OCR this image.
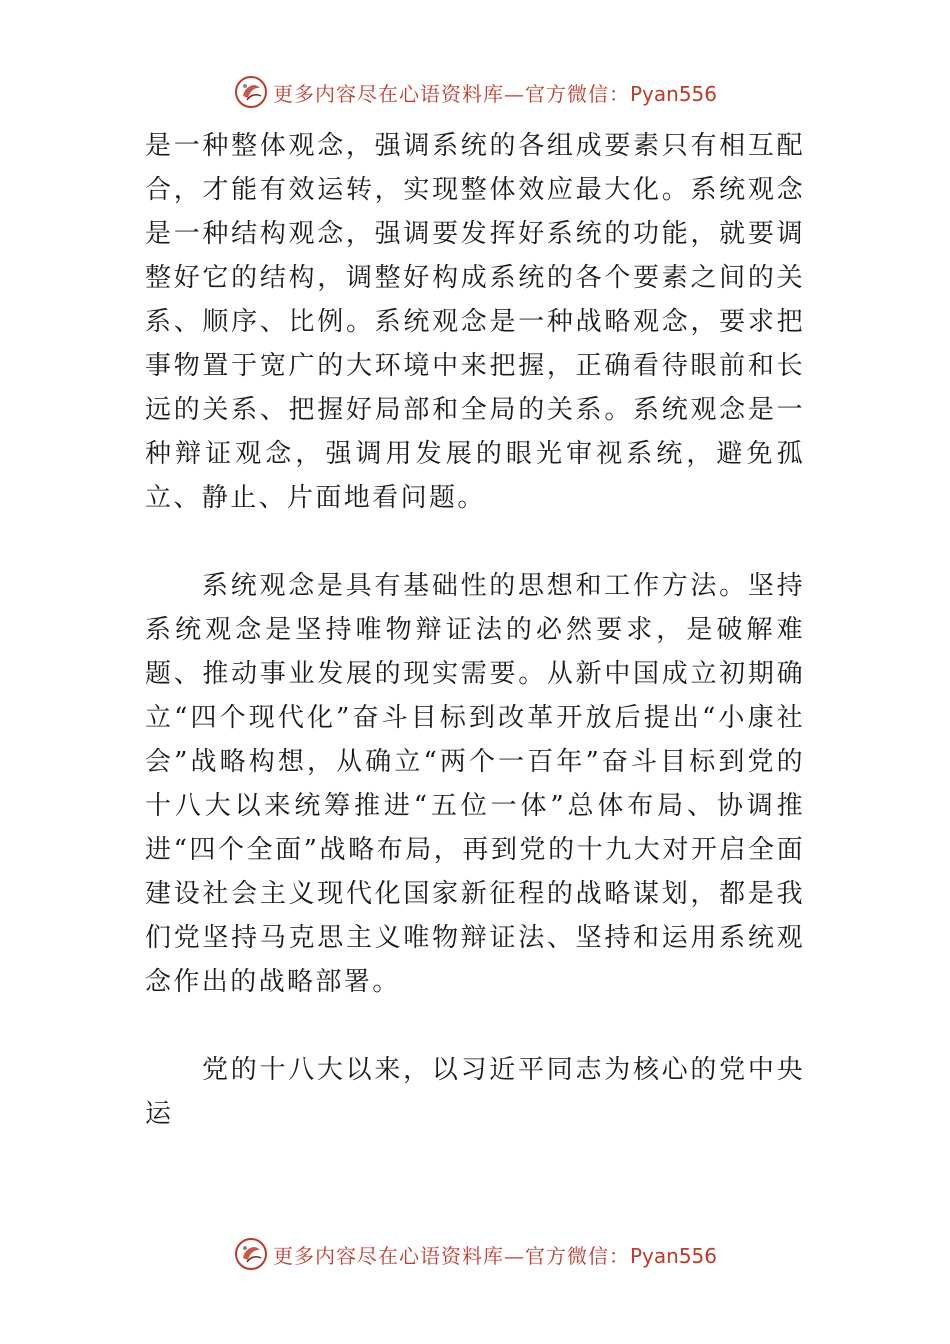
更多内容尽在心语资料库—官方微信：Pyan556

是一种整体观念，强调系统的各组成要素只有相互配合，才能有效运转，实现整体效应最大化。系统观念是一种结构观念，强调要发挥好系统的功能，就要调整好它的结构，调整好构成系统的各个要素之间的关系、顺序、比例。系统观念是一种战略观念，要求把事物置于宽广的大环境中来把握，正确看待眼前和长远的关系、把握好局部和全局的关系。系统观念是一种辩证观念，强调用发展的眼光审视系统，避免孤立、静止、片面地看问题。

系统观念是具有基础性的思想和工作方法。坚持系统观念是坚持唯物辩证法的必然要求，是破解难题、推动事业发展的现实需要。从新中国成立初期确立“四个现代化”奋斗目标到改革开放后提出“小康社会”战略构想，从确立“两个一百年”奋斗目标到党的十八大以来统筹推进“五位一体”总体布局、协调推进“四个全面”战略布局，再到党的十九大对开启全面建设社会主义现代化国家新征程的战略谋划，都是我们党坚持马克思主义唯物辩证法、坚持和运用系统观念作出的战略部署。

党的十八大以来，以习近平同志为核心的党中央运

更多内容尽在心语资料库—官方微信：Pyan556
